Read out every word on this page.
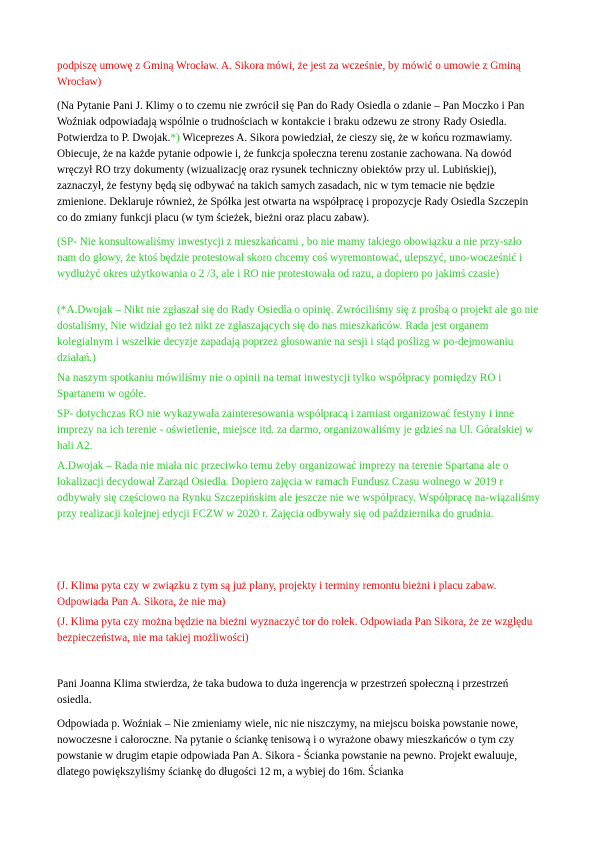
podpiszę umowę z Gminą Wrocław. A. Sikora mówi, że jest za wcześnie, by mówić o umowie z Gminą Wrocław)

(Na Pytanie Pani J. Klimy o to czemu nie zwrócił się Pan do Rady Osiedla o zdanie – Pan Moczko i Pan Woźniak odpowiadają wspólnie o trudnościach w kontakcie i braku odzewu ze strony Rady Osiedla. Potwierdza to P. Dwojak.*) Wiceprezes A. Sikora powiedział, że cieszy się, że w końcu rozmawiamy. Obiecuje, że na każde pytanie odpowie i, że funkcja społeczna terenu zostanie zachowana. Na dowód wręczył RO trzy dokumenty (wizualizację oraz rysunek techniczny obiektów przy ul. Lubińskiej), zaznaczył, że festyny będą się odbywać na takich samych zasadach, nic w tym temacie nie będzie zmienione. Deklaruje również, że Spółka jest otwarta na współpracę i propozycje Rady Osiedla Szczepin co do zmiany funkcji placu (w tym ścieżek, bieżni oraz placu zabaw).

(SP- Nie konsultowaliśmy inwestycji z mieszkańcami , bo nie mamy takiego obowiązku a nie przy-szło nam do głowy, że ktoś będzie protestował skoro chcemy coś wyremontować, ulepszyć, uno-wocześnić i wydłużyć okres użytkowania o 2 /3, ale i RO nie protestowała od razu, a dopiero po jakimś czasie)

(*A.Dwojak – Nikt nie zgłaszał się do Rady Osiedla o opinię. Zwróciliśmy się z prośbą o projekt ale go nie dostaliśmy, Nie widział go też nikt ze zgłaszających się do nas mieszkańców. Rada jest organem kolegialnym i wszelkie decyzje zapadają poprzez głosowanie na sesji i stąd poślizg w po-dejmowaniu działań.)

Na naszym spotkaniu mówiliśmy nie o opinii na temat inwestycji tylko współpracy pomiędzy RO i Spartanem w ogóle.

SP- dotychczas RO nie wykazywała zainteresowania współpracą i zamiast organizować festyny i inne imprezy na ich terenie - oświetlenie, miejsce itd. za darmo, organizowaliśmy je gdzieś na Ul. Góralskiej w hali A2.

A.Dwojak – Rada nie miała nic przeciwko temu żeby organizować imprezy na terenie Spartana ale o lokalizacji decydował Zarząd Osiedla. Dopiero zajęcia w ramach Fundusz Czasu wolnego w 2019 r odbywały się częściowo na Rynku Szczepińskim ale jeszcze nie we współpracy. Współpracę na-wiązaliśmy przy realizacji kolejnej edycji FCZW w 2020 r. Zajęcia odbywały się od października do grudnia.

(J. Klima pyta czy w związku z tym są już plany, projekty i terminy remontu bieżni i placu zabaw. Odpowiada Pan A. Sikora, że nie ma)

(J. Klima pyta czy można będzie na bieżni wyznaczyć tor do rolek. Odpowiada Pan Sikora, że ze względu bezpieczeństwa, nie ma takiej możliwości)

Pani Joanna Klima stwierdza, że taka budowa to duża ingerencja w przestrzeń społeczną i przestrzeń osiedla.

Odpowiada p. Woźniak – Nie zmieniamy wiele, nic nie niszczymy, na miejscu boiska powstanie nowe, nowoczesne i całoroczne. Na pytanie o ściankę tenisową i o wyrażone obawy mieszkańców o tym czy powstanie w drugim etapie odpowiada Pan A. Sikora - Ścianka powstanie na pewno. Projekt ewaluuje, dlatego powiększyliśmy ściankę do długości 12 m, a wybiej do 16m. Ścianka
